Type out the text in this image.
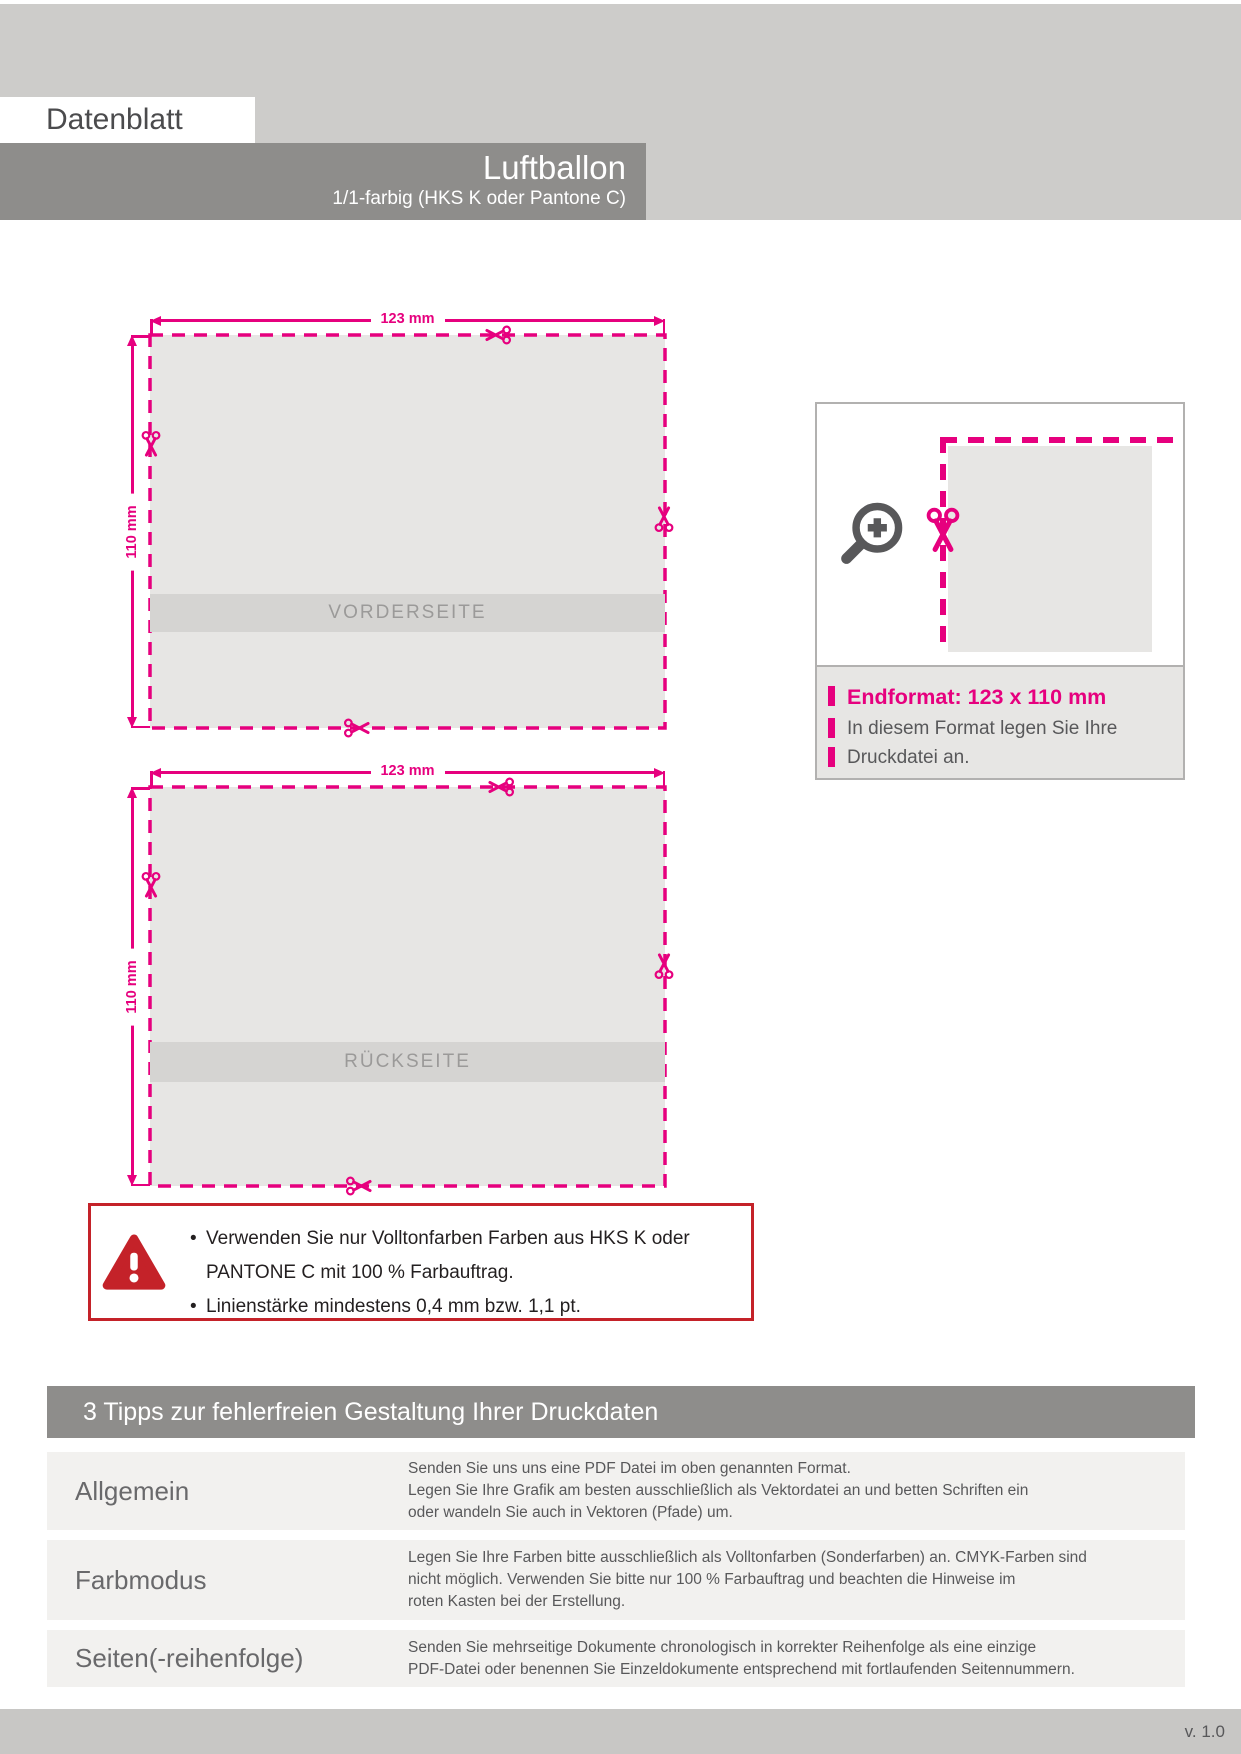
Datenblatt
Luftballon
1/1-farbig (HKS K oder Pantone C)
VORDERSEITE
123 mm
110 mm
RÜCKSEITE
123 mm
110 mm
Endformat: 123 x 110 mm
In diesem Format legen Sie Ihre
Druckdatei an.
• Verwenden Sie nur Volltonfarben Farben aus HKS K oder
PANTONE C mit 100 % Farbauftrag.
• Linienstärke mindestens 0,4 mm bzw. 1,1 pt.
3 Tipps zur fehlerfreien Gestaltung Ihrer Druckdaten
Allgemein
Senden Sie uns uns eine PDF Datei im oben genannten Format.
Legen Sie Ihre Grafik am besten ausschließlich als Vektordatei an und betten Schriften ein
oder wandeln Sie auch in Vektoren (Pfade) um.
Farbmodus
Legen Sie Ihre Farben bitte ausschließlich als Volltonfarben (Sonderfarben) an. CMYK-Farben sind
nicht möglich. Verwenden Sie bitte nur 100 % Farbauftrag und beachten die Hinweise im
roten Kasten bei der Erstellung.
Seiten(-reihenfolge)	Senden Sie mehrseitige Dokumente chronologisch in korrekter Reihenfolge als eine einzige
PDF-Datei oder benennen Sie Einzeldokumente entsprechend mit fortlaufenden Seitennummern.
v. 1.0
